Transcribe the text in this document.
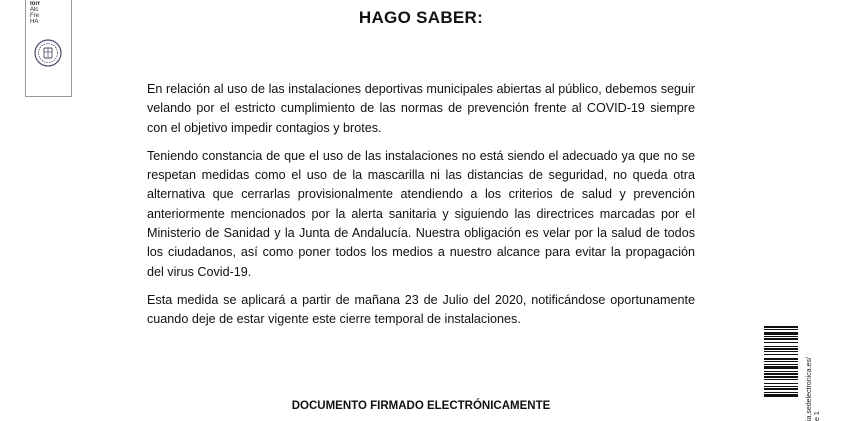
Iorr
Alc
Fre
HA	HAGO SABER:

En relación al uso de las instalaciones deportivas municipales abiertas al público, debemos seguir velando por el estricto cumplimiento de las normas de prevención frente al COVID-19 siempre con el objetivo impedir contagios y brotes.

Teniendo constancia de que el uso de las instalaciones no está siendo el adecuado ya que no se respetan medidas como el uso de la mascarilla ni las distancias de seguridad, no queda otra alternativa que cerrarlas provisionalmente atendiendo a los criterios de salud y prevención anteriormente mencionados por la alerta sanitaria y siguiendo las directrices marcadas por el Ministerio de Sanidad y la Junta de Andalucía. Nuestra obligación es velar por la salud de todos los ciudadanos, así como poner todos los medios a nuestro alcance para evitar la propagación del virus Covid-19.

Esta medida se aplicará a partir de mañana 23 de Julio del 2020, notificándose oportunamente cuando deje de estar vigente este cierre temporal de instalaciones.

DOCUMENTO FIRMADO ELECTRÓNICAMENTE	ia.sedelectronica.es/ e 1
